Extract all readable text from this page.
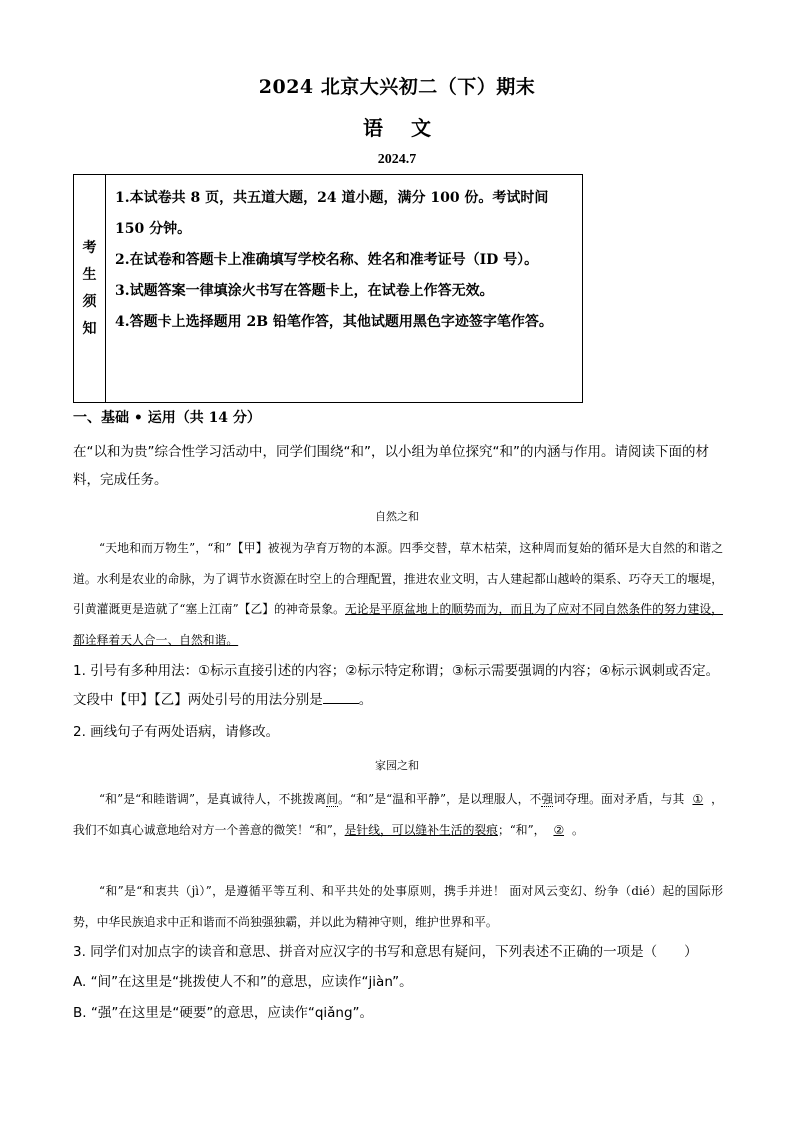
2024 北京大兴初二（下）期末
语文
2024.7
考
生
须
知

1.本试卷共 8 页，共五道大题，24 道小题，满分 100 份。考试时间 150 分钟。

2.在试卷和答题卡上准确填写学校名称、姓名和准考证号（ID 号）。

3.试题答案一律填涂火书写在答题卡上，在试卷上作答无效。

4.答题卡上选择题用 2B 铅笔作答，其他试题用黑色字迹签字笔作答。

一、基础 • 运用（共 14 分）

在“以和为贵”综合性学习活动中，同学们围绕“和”，以小组为单位探究“和”的内涵与作用。请阅读下面的材料，完成任务。

自然之和

“天地和而万物生”，“和”【甲】被视为孕育万物的本源。四季交替，草木枯荣，这种周而复始的循环是大自然的和谐之道。水利是农业的命脉，为了调节水资源在时空上的合理配置，推进农业文明，古人建起都山越岭的渠系、巧夺天工的堰堤，引黄灌溉更是造就了“塞上江南”【乙】的神奇景象。无论是平原盆地上的顺势而为，而且为了应对不同自然条件的努力建设，都诠释着天人合一、自然和谐。

1. 引号有多种用法：①标示直接引述的内容；②标示特定称谓；③标示需要强调的内容；④标示讽刺或否定。文段中【甲】【乙】两处引号的用法分别是	。

2. 画线句子有两处语病，请修改。

家园之和

“和”是“和睦谐调”，是真诚待人，不挑拨离间。“和”是“温和平静”，是以理服人，不强词夺理。面对矛盾，与其 ① ，我们不如真心诚意地给对方一个善意的微笑！“和”，是针线，可以缝补生活的裂痕；“和”， ② 。

“和”是“和衷共（jì）”，是遵循平等互利、和平共处的处事原则，携手并进！ 面对风云变幻、纷争（dié）起的国际形势，中华民族追求中正和谐而不尚独强独霸，并以此为精神守则，维护世界和平。

3. 同学们对加点字的读音和意思、拼音对应汉字的书写和意思有疑问，下列表述不正确的一项是（　　）

A. “间”在这里是“挑拨使人不和”的意思，应读作“jiàn”。

B. “强”在这里是“硬要”的意思，应读作“qiǎng”。
